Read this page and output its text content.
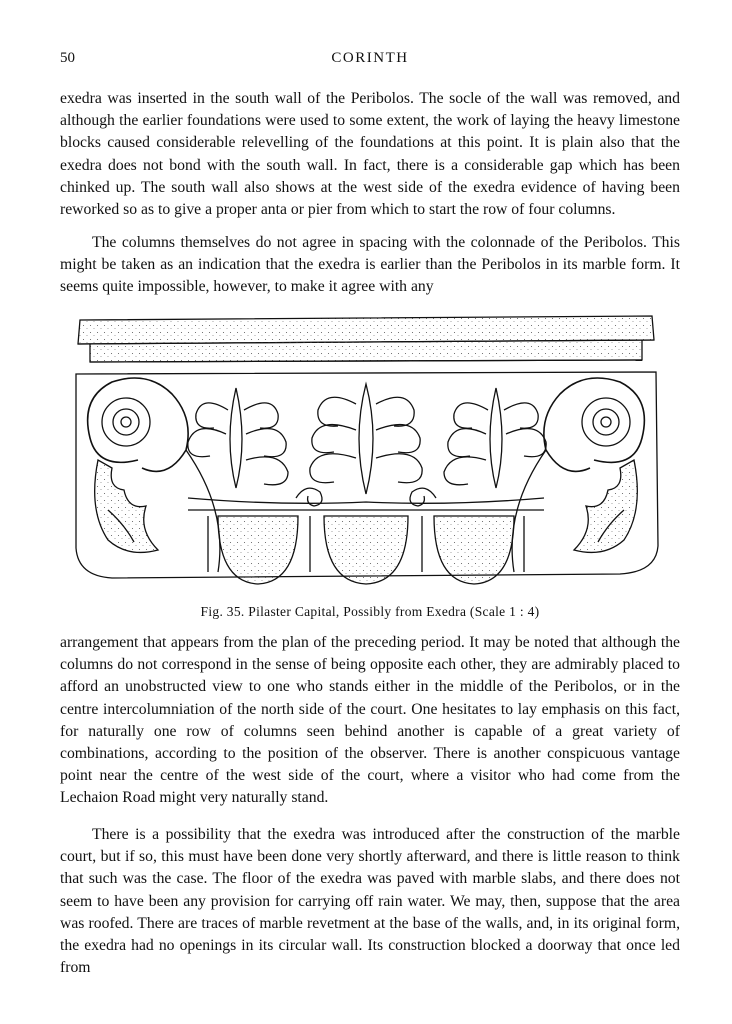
50	CORINTH

exedra was inserted in the south wall of the Peribolos. The socle of the wall was removed, and although the earlier foundations were used to some extent, the work of laying the heavy limestone blocks caused considerable relevelling of the foundations at this point. It is plain also that the exedra does not bond with the south wall. In fact, there is a considerable gap which has been chinked up. The south wall also shows at the west side of the exedra evidence of having been reworked so as to give a proper anta or pier from which to start the row of four columns.

The columns themselves do not agree in spacing with the colonnade of the Peribolos. This might be taken as an indication that the exedra is earlier than the Peribolos in its marble form. It seems quite impossible, however, to make it agree with any

Fig. 35. Pilaster Capital, Possibly from Exedra (Scale 1 : 4)

arrangement that appears from the plan of the preceding period. It may be noted that although the columns do not correspond in the sense of being opposite each other, they are admirably placed to afford an unobstructed view to one who stands either in the middle of the Peribolos, or in the centre intercolumniation of the north side of the court. One hesitates to lay emphasis on this fact, for naturally one row of columns seen behind another is capable of a great variety of combinations, according to the position of the observer. There is another conspicuous vantage point near the centre of the west side of the court, where a visitor who had come from the Lechaion Road might very naturally stand.

There is a possibility that the exedra was introduced after the construction of the marble court, but if so, this must have been done very shortly afterward, and there is little reason to think that such was the case. The floor of the exedra was paved with marble slabs, and there does not seem to have been any provision for carrying off rain water. We may, then, suppose that the area was roofed. There are traces of marble revetment at the base of the walls, and, in its original form, the exedra had no openings in its circular wall. Its construction blocked a doorway that once led from
